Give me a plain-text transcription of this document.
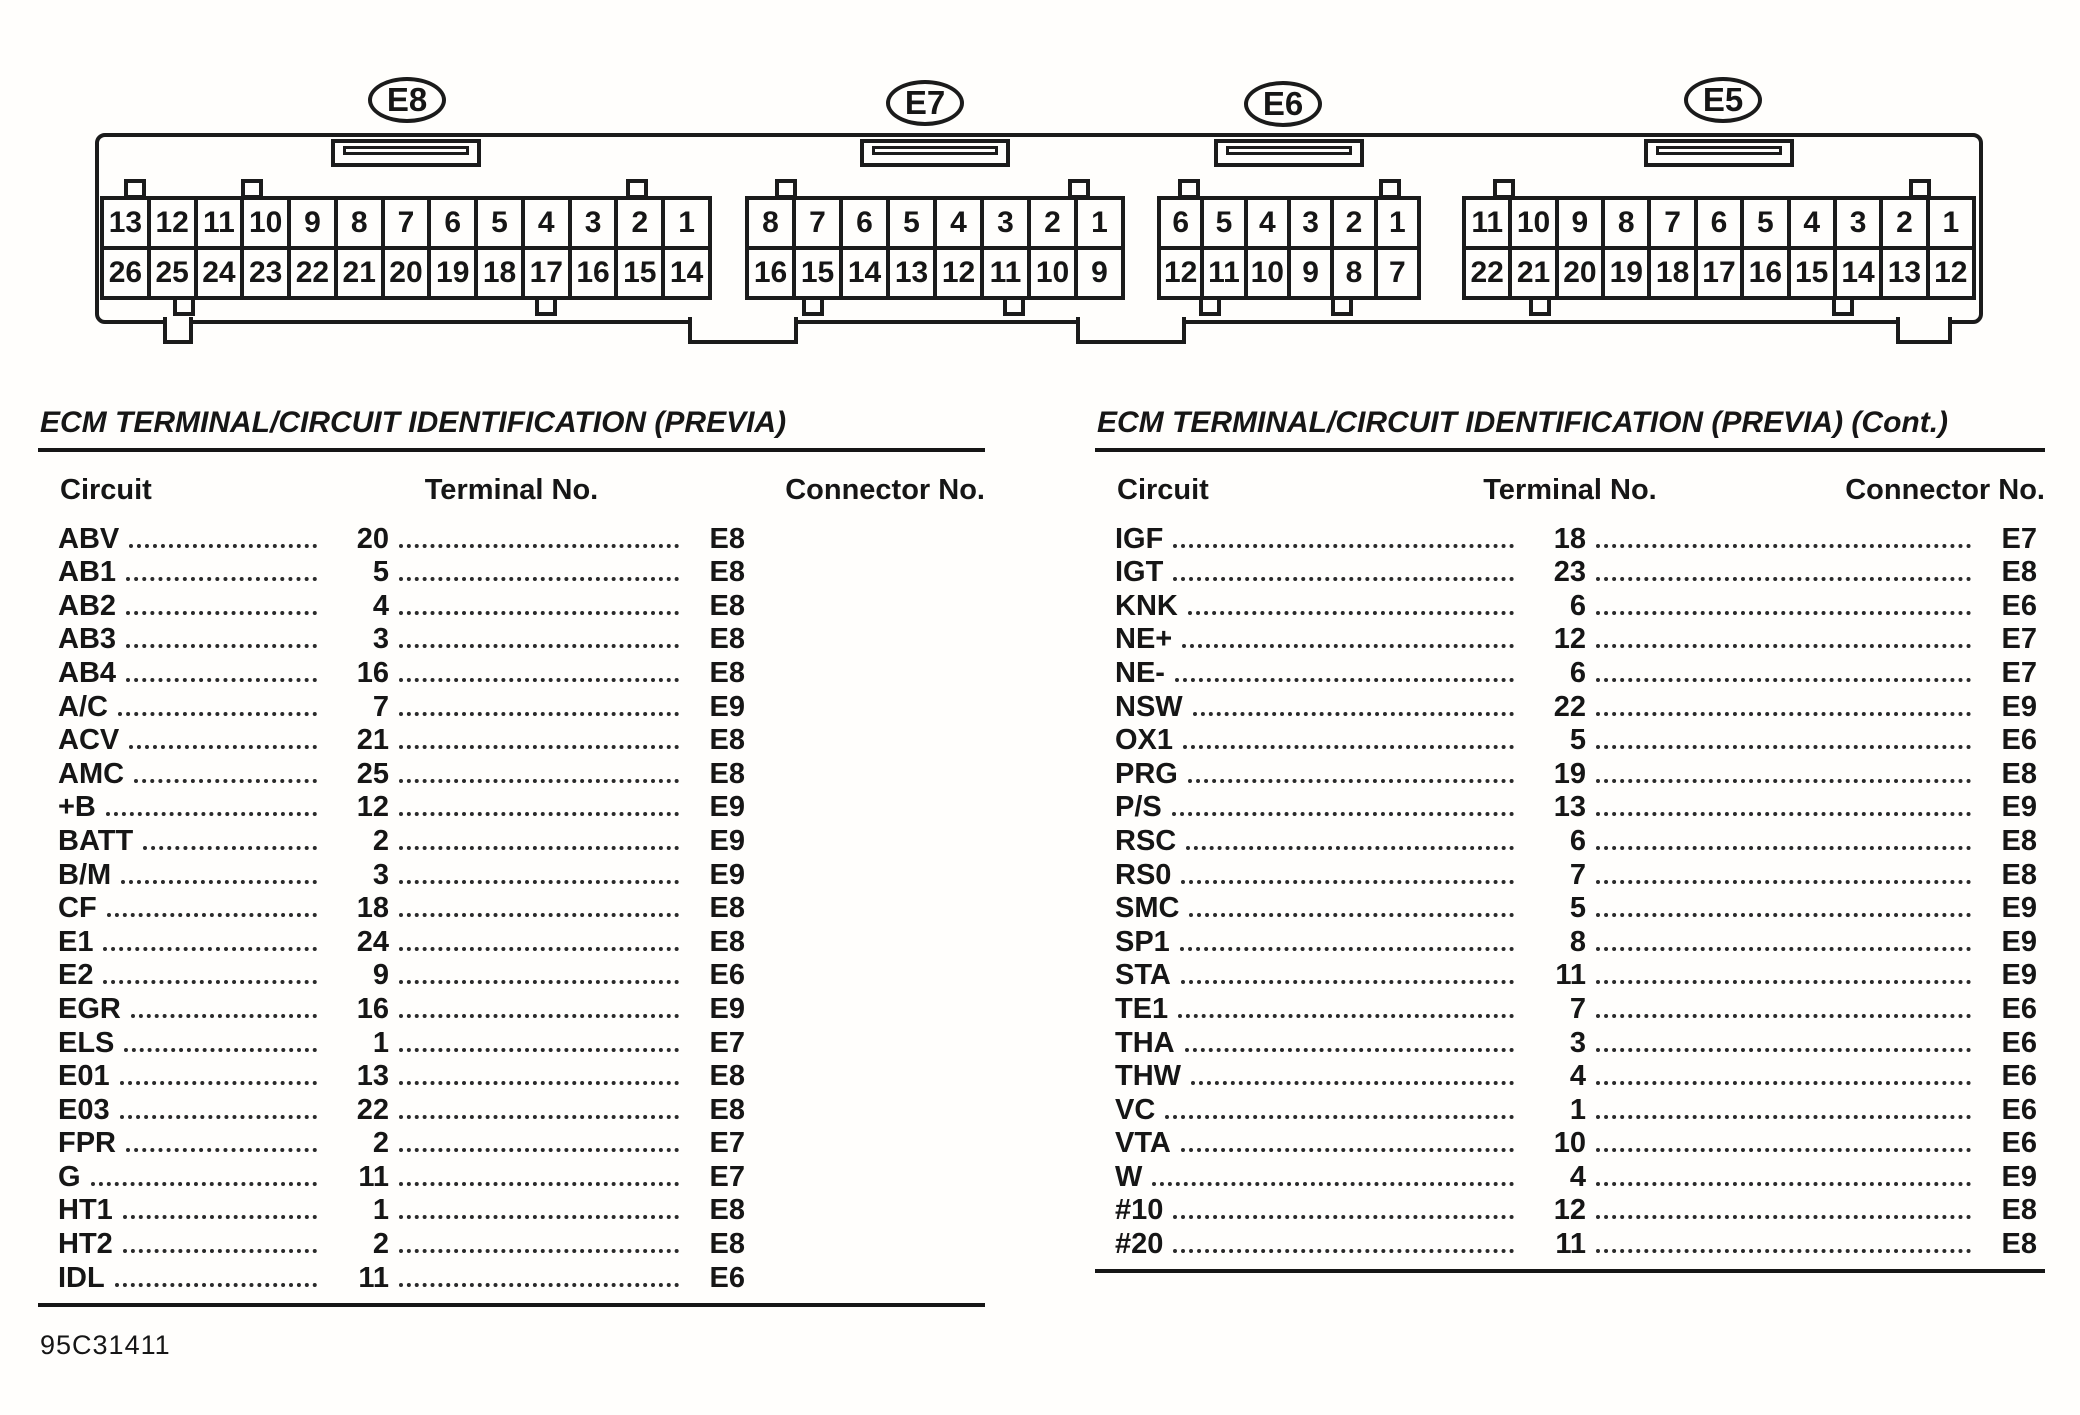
E8	E7	E6	E5
13	12	11	10	9	8	7	6	5	4	3	2	1
26	25	24	23	22	21	20	19	18	17	16	15	14
8	7	6	5	4	3	2	1
16	15	14	13	12	11	10	9
6	5	4	3	2	1
12	11	10	9	8	7
11	10	9	8	7	6	5	4	3	2	1
22	21	20	19	18	17	16	15	14	13	12
ECM TERMINAL/CIRCUIT IDENTIFICATION (PREVIA)
Circuit	Terminal No.	Connector No.
ABV	20	E8
AB1	5	E8
AB2	4	E8
AB3	3	E8
AB4	16	E8
A/C	7	E9
ACV	21	E8
AMC	25	E8
+B	12	E9
BATT	2	E9
B/M	3	E9
CF	18	E8
E1	24	E8
E2	9	E6
EGR	16	E9
ELS	1	E7
E01	13	E8
E03	22	E8
FPR	2	E7
G	11	E7
HT1	1	E8
HT2	2	E8
IDL	11	E6
ECM TERMINAL/CIRCUIT IDENTIFICATION (PREVIA) (Cont.)
Circuit	Terminal No.	Connector No.
IGF	18	E7
IGT	23	E8
KNK	6	E6
NE+	12	E7
NE-	6	E7
NSW	22	E9
OX1	5	E6
PRG	19	E8
P/S	13	E9
RSC	6	E8
RS0	7	E8
SMC	5	E9
SP1	8	E9
STA	11	E9
TE1	7	E6
THA	3	E6
THW	4	E6
VC	1	E6
VTA	10	E6
W	4	E9
#10	12	E8
#20	11	E8
95C31411
